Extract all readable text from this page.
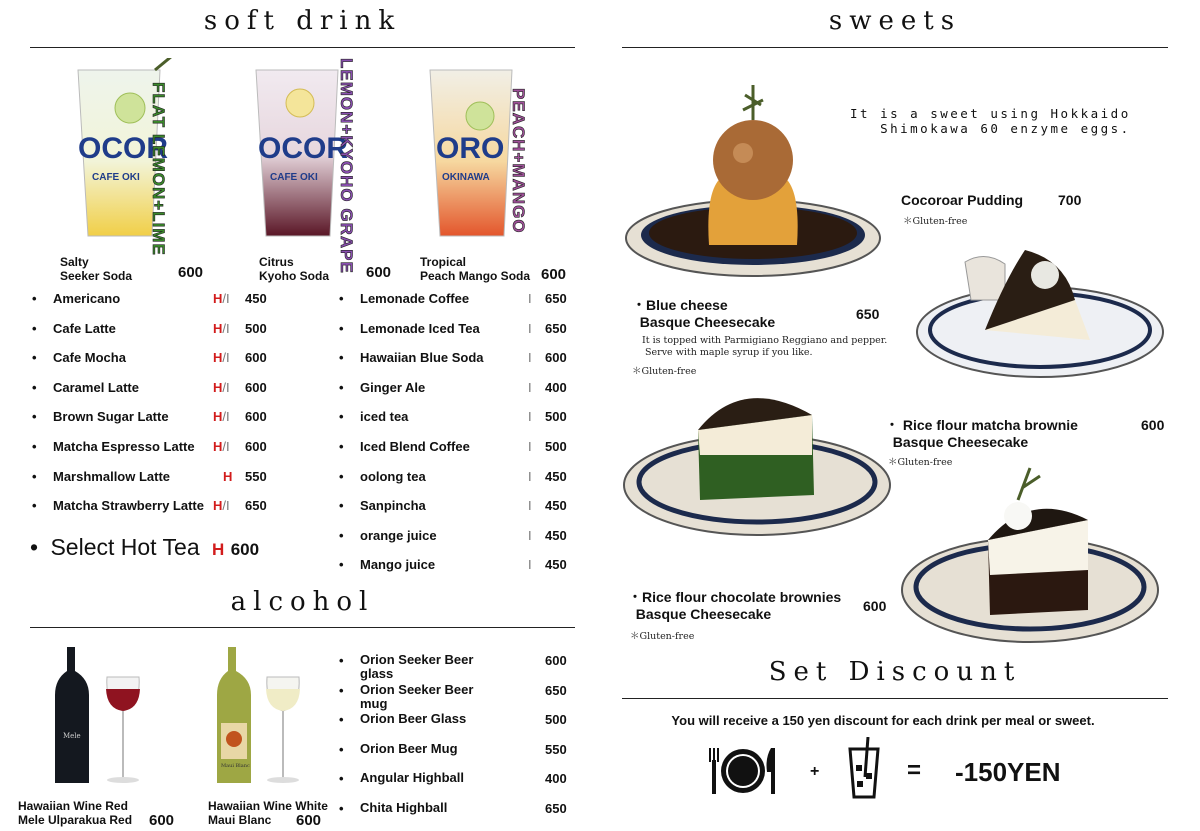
soft drink
OCOR
CAFE OKI FLAT LEMON+LIME	OCOR
CAFE OKI LEMON+KYOHO GRAPE	ORO
OKINAWA PEACH+MANGO
Salty
Seeker Soda	600
Citrus
Kyoho Soda 600
Tropical
Peach Mango Soda 600
• Americano	H/I 450
• Cafe Latte	H/I 500
• Cafe Mocha	H/I 600
• Caramel Latte	H/I 600
• Brown Sugar Latte	H/I 600
• Matcha Espresso Latte H/I 600
• Marshmallow Latte	H 550
• Matcha Strawberry Latte H/I 650
• Select Hot Tea H 600
• Lemonade Coffee	I 650
• Lemonade Iced Tea	I 650
• Hawaiian Blue Soda	I 600
• Ginger Ale	I 400
• iced tea	I 500
• Iced Blend Coffee	I 500
• oolong tea	I 450
• Sanpincha	I 450
• orange juice	I 450
• Mango juice	I 450
alcohol
Mele
Maui Blanc
Hawaiian Wine Red
Mele Ulparakua Red 600
Hawaiian Wine White
Maui Blanc	600
• Orion Seeker Beer
glass
600
• Orion Seeker Beer
mug
650
• Orion Beer Glass	500
• Orion Beer Mug	550
• Angular Highball	400
• Chita Highball	650
sweets
It is a sweet using Hokkaido
Shimokawa 60 enzyme eggs.
Cocoroar Pudding 700
＊Gluten-free
・Blue cheese
Basque Cheesecake	650
It is topped with Parmigiano Reggiano and pepper.
Serve with maple syrup if you like.
＊Gluten-free
・ Rice flour matcha brownie
Basque Cheesecake
600
＊Gluten-free
・Rice flour chocolate brownies
Basque Cheesecake	600
＊Gluten-free
Set Discount
You will receive a 150 yen discount for each drink per meal or sweet.
+	= -150YEN
